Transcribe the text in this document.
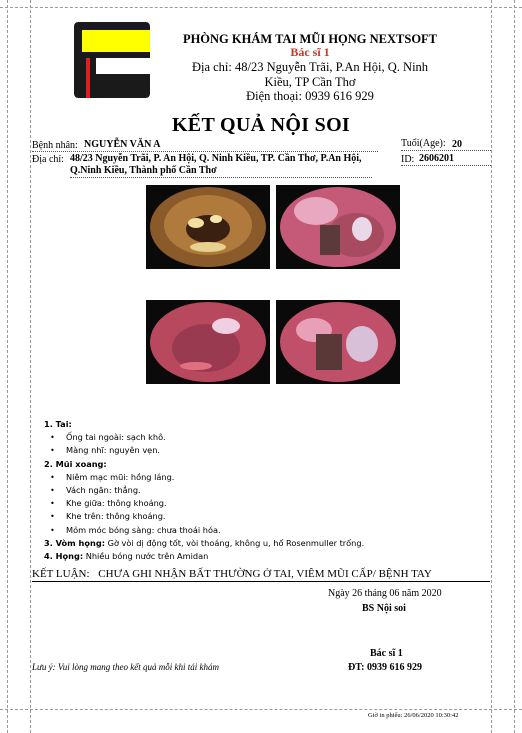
PHÒNG KHÁM TAI MŨI HỌNG NEXTSOFT
Bác sĩ 1
Địa chỉ: 48/23 Nguyễn Trãi, P.An Hội, Q. Ninh
Kiều, TP Cần Thơ
Điện thoại: 0939 616 929
KẾT QUẢ NỘI SOI
Bệnh nhân: NGUYỄN VĂN A	Tuổi(Age): 20
Địa chỉ: 48/23 Nguyễn Trãi, P. An Hội, Q. Ninh Kiều, TP. Cần Thơ, P.An Hội,
Q.Ninh Kiều, Thành phố Cần Thơ
ID: 2606201
1. Tai:
• Ống tai ngoài: sạch khô.
• Màng nhĩ: nguyên vẹn.
2. Mũi xoang:
• Niêm mạc mũi: hồng láng.
• Vách ngăn: thẳng.
• Khe giữa: thông khoáng.
• Khe trên: thông khoáng.
• Mỏm móc bóng sàng: chưa thoái hóa.
3. Vòm họng: Gờ vòi dị động tốt, vòi thoáng, không u, hố Rosenmuller trống.
4. Họng: Nhiều bóng nước trên Amidan
KẾT LUẬN: CHƯA GHI NHẬN BẤT THƯỜNG Ở TAI, VIÊM MŨI CẤP/ BỆNH TAY
Ngày 26 tháng 06 năm 2020
BS Nội soi
Bác sĩ 1
ĐT: 0939 616 929
Lưu ý: Vui lòng mang theo kết quả mỗi khi tái khám
Giờ in phiếu: 26/06/2020 10:30:42
